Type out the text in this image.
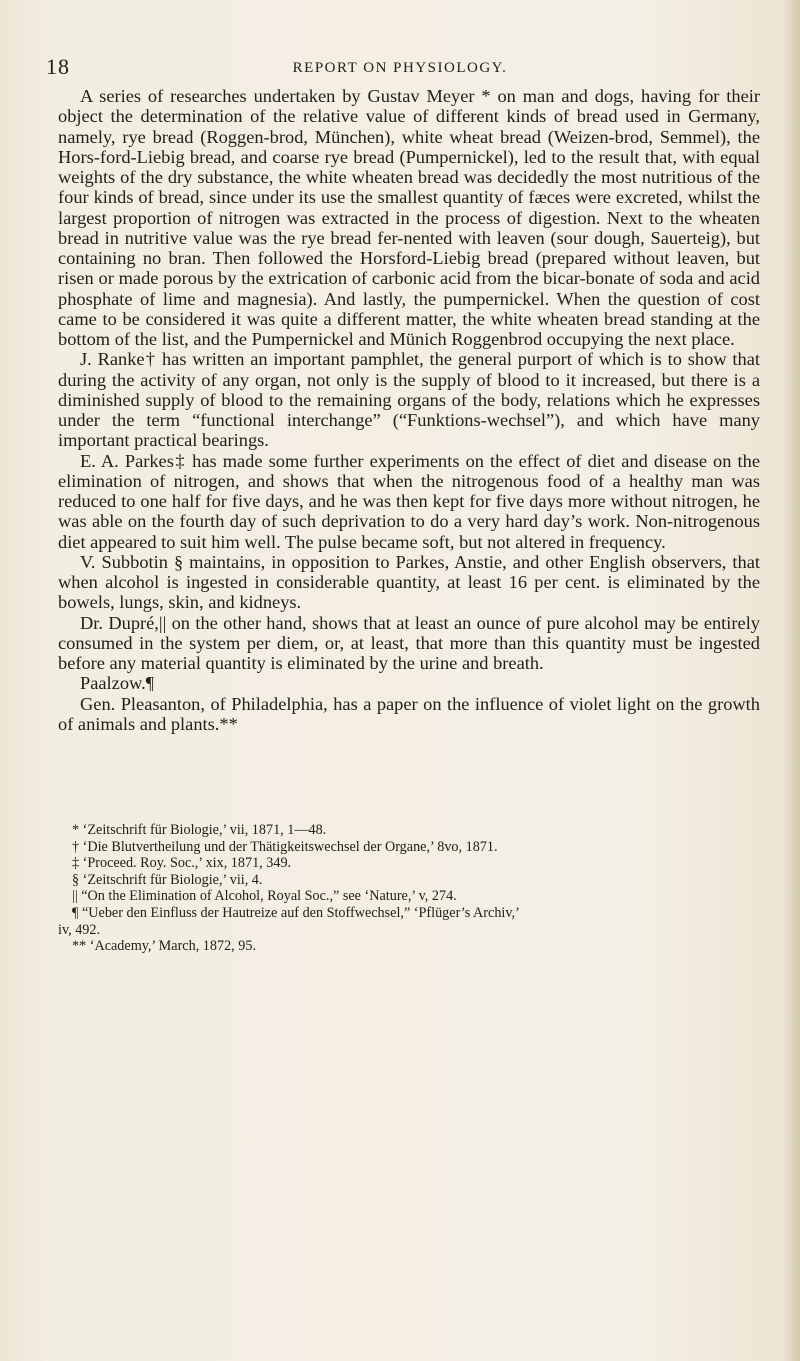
18	REPORT ON PHYSIOLOGY.

A series of researches undertaken by Gustav Meyer * on man and dogs, having for their object the determination of the relative value of different kinds of bread used in Germany, namely, rye bread (Roggen-brod, München), white wheat bread (Weizen-brod, Semmel), the Hors-ford-Liebig bread, and coarse rye bread (Pumpernickel), led to the result that, with equal weights of the dry substance, the white wheaten bread was decidedly the most nutritious of the four kinds of bread, since under its use the smallest quantity of fæces were excreted, whilst the largest proportion of nitrogen was extracted in the process of digestion. Next to the wheaten bread in nutritive value was the rye bread fer-nented with leaven (sour dough, Sauerteig), but containing no bran. Then followed the Horsford-Liebig bread (prepared without leaven, but risen or made porous by the extrication of carbonic acid from the bicar-bonate of soda and acid phosphate of lime and magnesia). And lastly, the pumpernickel. When the question of cost came to be considered it was quite a different matter, the white wheaten bread standing at the bottom of the list, and the Pumpernickel and Münich Roggenbrod occupying the next place.

J. Ranke† has written an important pamphlet, the general purport of which is to show that during the activity of any organ, not only is the supply of blood to it increased, but there is a diminished supply of blood to the remaining organs of the body, relations which he expresses under the term “functional interchange” (“Funktions-wechsel”), and which have many important practical bearings.

E. A. Parkes‡ has made some further experiments on the effect of diet and disease on the elimination of nitrogen, and shows that when the nitrogenous food of a healthy man was reduced to one half for five days, and he was then kept for five days more without nitrogen, he was able on the fourth day of such deprivation to do a very hard day’s work. Non-nitrogenous diet appeared to suit him well. The pulse became soft, but not altered in frequency.

V. Subbotin § maintains, in opposition to Parkes, Anstie, and other English observers, that when alcohol is ingested in considerable quantity, at least 16 per cent. is eliminated by the bowels, lungs, skin, and kidneys.

Dr. Dupré,|| on the other hand, shows that at least an ounce of pure alcohol may be entirely consumed in the system per diem, or, at least, that more than this quantity must be ingested before any material quantity is eliminated by the urine and breath.

Paalzow.¶

Gen. Pleasanton, of Philadelphia, has a paper on the influence of violet light on the growth of animals and plants.**

* ‘Zeitschrift für Biologie,’ vii, 1871, 1—48.

† ‘Die Blutvertheilung und der Thätigkeitswechsel der Organe,’ 8vo, 1871.

‡ ‘Proceed. Roy. Soc.,’ xix, 1871, 349.

§ ‘Zeitschrift für Biologie,’ vii, 4.

|| “On the Elimination of Alcohol, Royal Soc.,” see ‘Nature,’ v, 274.

¶ “Ueber den Einfluss der Hautreize auf den Stoffwechsel,” ‘Pflüger’s Archiv,’

iv, 492.

** ‘Academy,’ March, 1872, 95.
